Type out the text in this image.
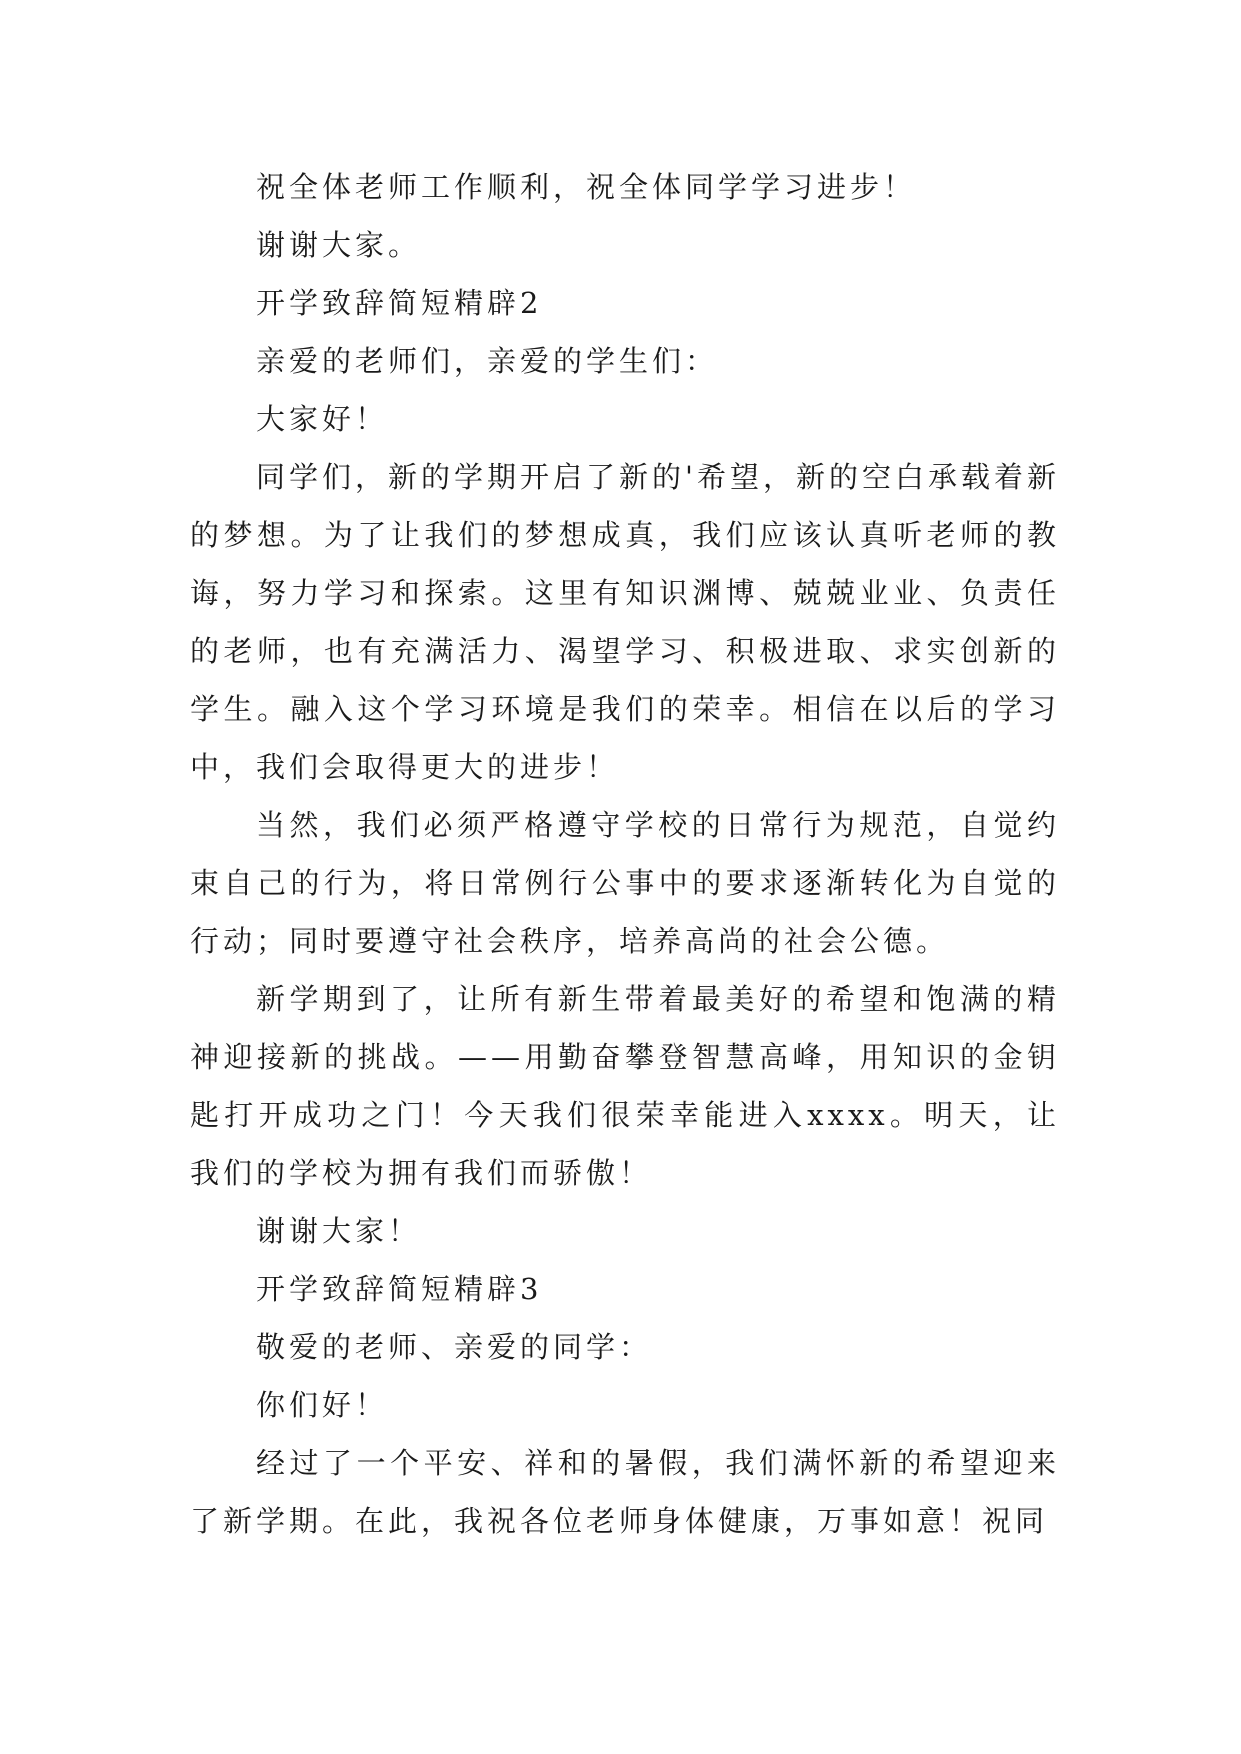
祝全体老师工作顺利，祝全体同学学习进步！

谢谢大家。

开学致辞简短精辟2

亲爱的老师们，亲爱的学生们：

大家好！

同学们，新的学期开启了新的'希望，新的空白承载着新的梦想。为了让我们的梦想成真，我们应该认真听老师的教诲，努力学习和探索。这里有知识渊博、兢兢业业、负责任的老师，也有充满活力、渴望学习、积极进取、求实创新的学生。融入这个学习环境是我们的荣幸。相信在以后的学习中，我们会取得更大的进步！

当然，我们必须严格遵守学校的日常行为规范，自觉约束自己的行为，将日常例行公事中的要求逐渐转化为自觉的行动；同时要遵守社会秩序，培养高尚的社会公德。

新学期到了，让所有新生带着最美好的希望和饱满的精神迎接新的挑战。——用勤奋攀登智慧高峰，用知识的金钥匙打开成功之门！今天我们很荣幸能进入xxxx。明天，让我们的学校为拥有我们而骄傲！

谢谢大家！

开学致辞简短精辟3

敬爱的老师、亲爱的同学：

你们好！

经过了一个平安、祥和的暑假，我们满怀新的希望迎来了新学期。在此，我祝各位老师身体健康，万事如意！祝同
